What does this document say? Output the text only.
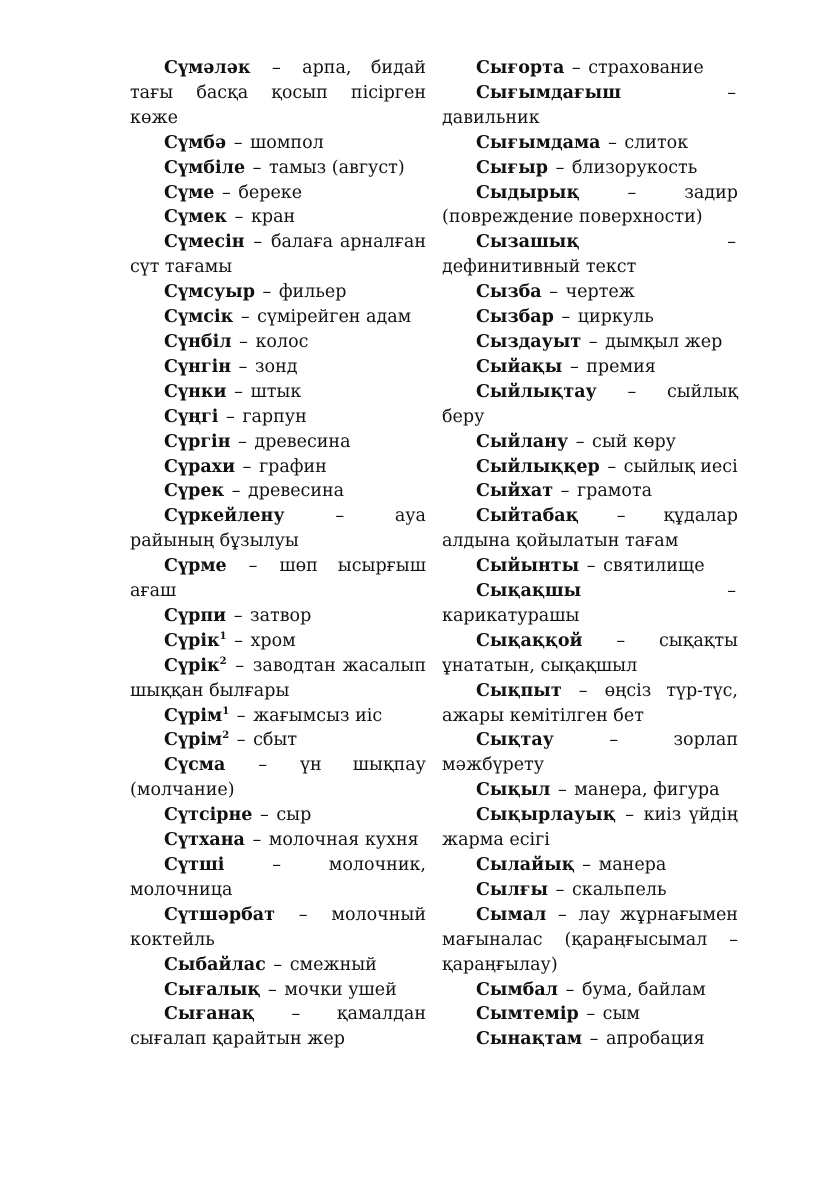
Сүмәләк – арпа, бидай тағы басқа қосып пісірген көже
Сүмбә – шомпол
Сүмбіле – тамыз (август)
Сүме – береке
Сүмек – кран
Сүмесін – балаға арналған сүт тағамы
Сүмсуыр – фильер
Сүмсік – сүмірейген адам
Сүнбіл – колос
Сүнгін – зонд
Сүнки – штык
Сүңгі – гарпун
Сүргін – древесина
Сүрахи – графин
Сүрек – древесина
Сүркейлену	–	ауа райының бұзылуы
Сүрме – шөп ысырғыш ағаш
Сүрпи – затвор
Сүрік$^1$ – хром
Сүрік$^2$ – заводтан жасалып шыққан былғары
Сүрім$^1$ – жағымсыз иіс
Сүрім$^2$ – сбыт
Сүсма – үн шықпау (молчание)
Сүтсірне – сыр
Сүтхана – молочная кухня
Сүтші	–	молочник, молочница
Сүтшәрбат – молочный коктейль
Сыбайлас – смежный
Сығалық – мочки ушей
Сығанақ – қамалдан сығалап қарайтын жер
Сығорта – страхование
Сығымдағыш	– давильник
Сығымдама – слиток
Сығыр – близорукость
Сыдырық	–	задир (повреждение поверхности)
Сызашық	– дефинитивный текст
Сызба – чертеж
Сызбар – циркуль
Сыздауыт – дымқыл жер
Сыйақы – премия
Сыйлықтау – сыйлық беру
Сыйлану – сый көру
Сыйлыққер – сыйлық иесі
Сыйхат – грамота
Сыйтабақ – құдалар алдына қойылатын тағам
Сыйынты – святилище
Сықақшы	– карикатурашы
Сықаққой – сықақты ұнататын, сықақшыл
Сықпыт – өңсіз түр-түс, ажары кемітілген бет
Сықтау	–	зорлап мәжбүрету
Сықыл – манера, фигура
Сықырлауық – киіз үйдің жарма есігі
Сылайық – манера
Сылғы – скальпель
Сымал – лау жұрнағымен мағыналас (қараңғысымал – қараңғылау)
Сымбал – бума, байлам
Сымтемір – сым
Сынақтам – апробация
